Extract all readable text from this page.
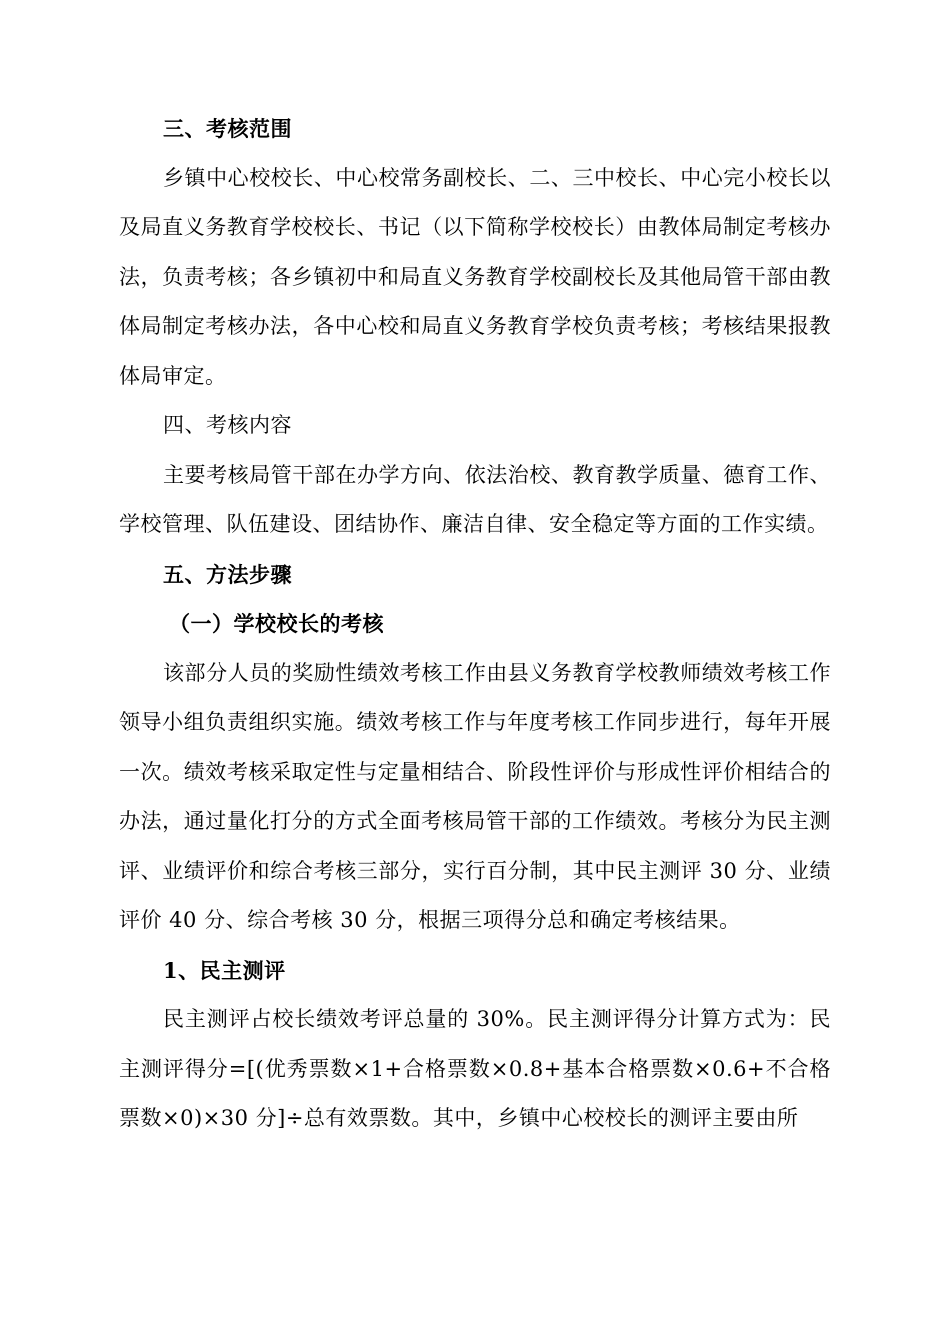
三、考核范围

乡镇中心校校长、中心校常务副校长、二、三中校长、中心完小校长以及局直义务教育学校校长、书记（以下简称学校校长）由教体局制定考核办法，负责考核；各乡镇初中和局直义务教育学校副校长及其他局管干部由教体局制定考核办法，各中心校和局直义务教育学校负责考核；考核结果报教体局审定。

四、考核内容

主要考核局管干部在办学方向、依法治校、教育教学质量、德育工作、学校管理、队伍建设、团结协作、廉洁自律、安全稳定等方面的工作实绩。

五、方法步骤

（一）学校校长的考核

该部分人员的奖励性绩效考核工作由县义务教育学校教师绩效考核工作领导小组负责组织实施。绩效考核工作与年度考核工作同步进行，每年开展一次。绩效考核采取定性与定量相结合、阶段性评价与形成性评价相结合的办法，通过量化打分的方式全面考核局管干部的工作绩效。考核分为民主测评、业绩评价和综合考核三部分，实行百分制，其中民主测评 30 分、业绩评价 40 分、综合考核 30 分，根据三项得分总和确定考核结果。

1、民主测评

民主测评占校长绩效考评总量的 30%。民主测评得分计算方式为：民主测评得分=[(优秀票数×1+合格票数×0.8+基本合格票数×0.6+不合格票数×0)×30 分]÷总有效票数。其中，乡镇中心校校长的测评主要由所
